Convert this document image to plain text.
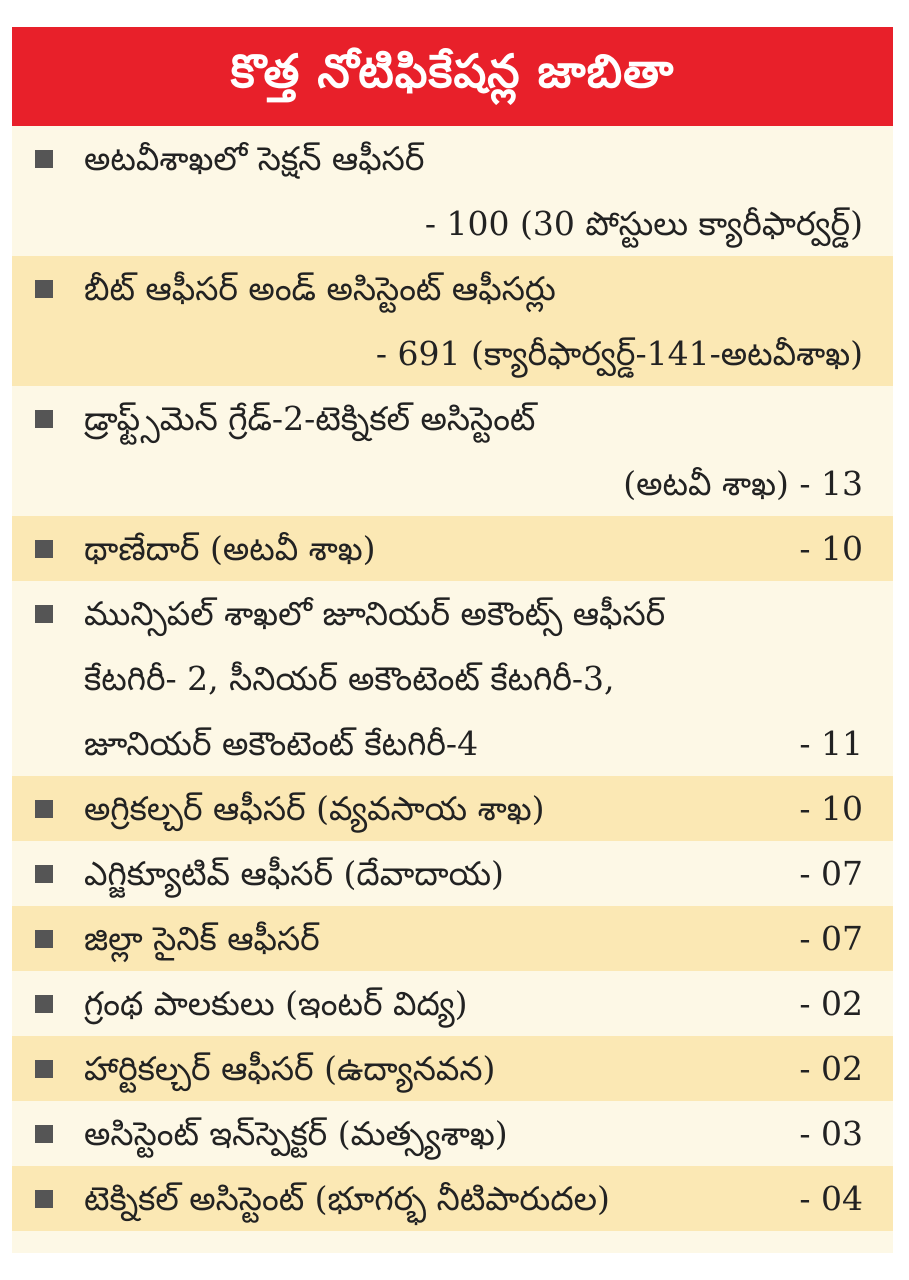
కొత్త నోటిఫికేషన్ల జాబితా
అటవీశాఖలో సెక్షన్ ఆఫీసర్
- 100 (30 పోస్టులు క్యారీఫార్వర్డ్)
బీట్ ఆఫీసర్ అండ్ అసిస్టెంట్ ఆఫీసర్లు
- 691 (క్యారీఫార్వర్డ్-141-అటవీశాఖ)
డ్రాఫ్ట్స్‌మెన్ గ్రేడ్-2-టెక్నికల్ అసిస్టెంట్
(అటవీ శాఖ) - 13
థాణేదార్ (అటవీ శాఖ)	- 10
మున్సిపల్ శాఖలో జూనియర్ అకౌంట్స్ ఆఫీసర్
కేటగిరీ- 2, సీనియర్ అకౌంటెంట్ కేటగిరీ-3,
జూనియర్ అకౌంటెంట్ కేటగిరీ-4	- 11
అగ్రికల్చర్ ఆఫీసర్ (వ్యవసాయ శాఖ)	- 10
ఎగ్జిక్యూటివ్ ఆఫీసర్ (దేవాదాయ)	- 07
జిల్లా సైనిక్ ఆఫీసర్	- 07
గ్రంథ పాలకులు (ఇంటర్ విద్య)	- 02
హార్టికల్చర్ ఆఫీసర్ (ఉద్యానవన)	- 02
అసిస్టెంట్ ఇన్‌స్పెక్టర్ (మత్స్యశాఖ)	- 03
టెక్నికల్ అసిస్టెంట్ (భూగర్భ నీటిపారుదల)	- 04
